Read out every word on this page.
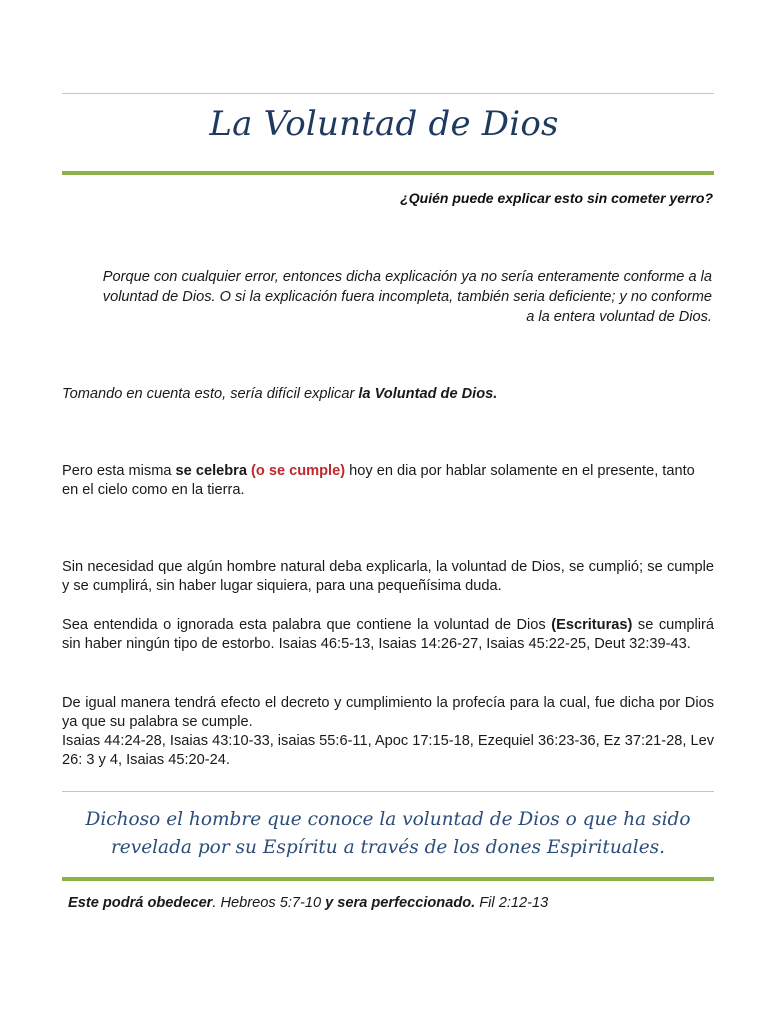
La Voluntad de Dios
¿Quién puede explicar esto sin cometer yerro?

Porque con cualquier error, entonces dicha explicación ya no sería enteramente conforme a la voluntad de Dios. O si la explicación fuera incompleta, también seria deficiente; y no conforme a la entera voluntad de Dios.

Tomando en cuenta esto, sería difícil explicar la Voluntad de Dios.

Pero esta misma se celebra (o se cumple) hoy en dia por hablar solamente en el presente, tanto en el cielo como en la tierra.

Sin necesidad que algún hombre natural deba explicarla, la voluntad de Dios, se cumplió; se cumple y se cumplirá, sin haber lugar siquiera, para una pequeñísima duda.

Sea entendida o ignorada esta palabra que contiene la voluntad de Dios (Escrituras) se cumplirá sin haber ningún tipo de estorbo. Isaias 46:5-13, Isaias 14:26-27, Isaias 45:22-25, Deut 32:39-43.

De igual manera tendrá efecto el decreto y cumplimiento la profecía para la cual, fue dicha por Dios ya que su palabra se cumple.
Isaias 44:24-28, Isaias 43:10-33, isaias 55:6-11, Apoc 17:15-18, Ezequiel 36:23-36, Ez 37:21-28, Lev 26: 3 y 4, Isaias 45:20-24.

Dichoso el hombre que conoce la voluntad de Dios o que ha sido revelada por su Espíritu a través de los dones Espirituales.

Este podrá obedecer. Hebreos 5:7-10 y sera perfeccionado. Fil 2:12-13
